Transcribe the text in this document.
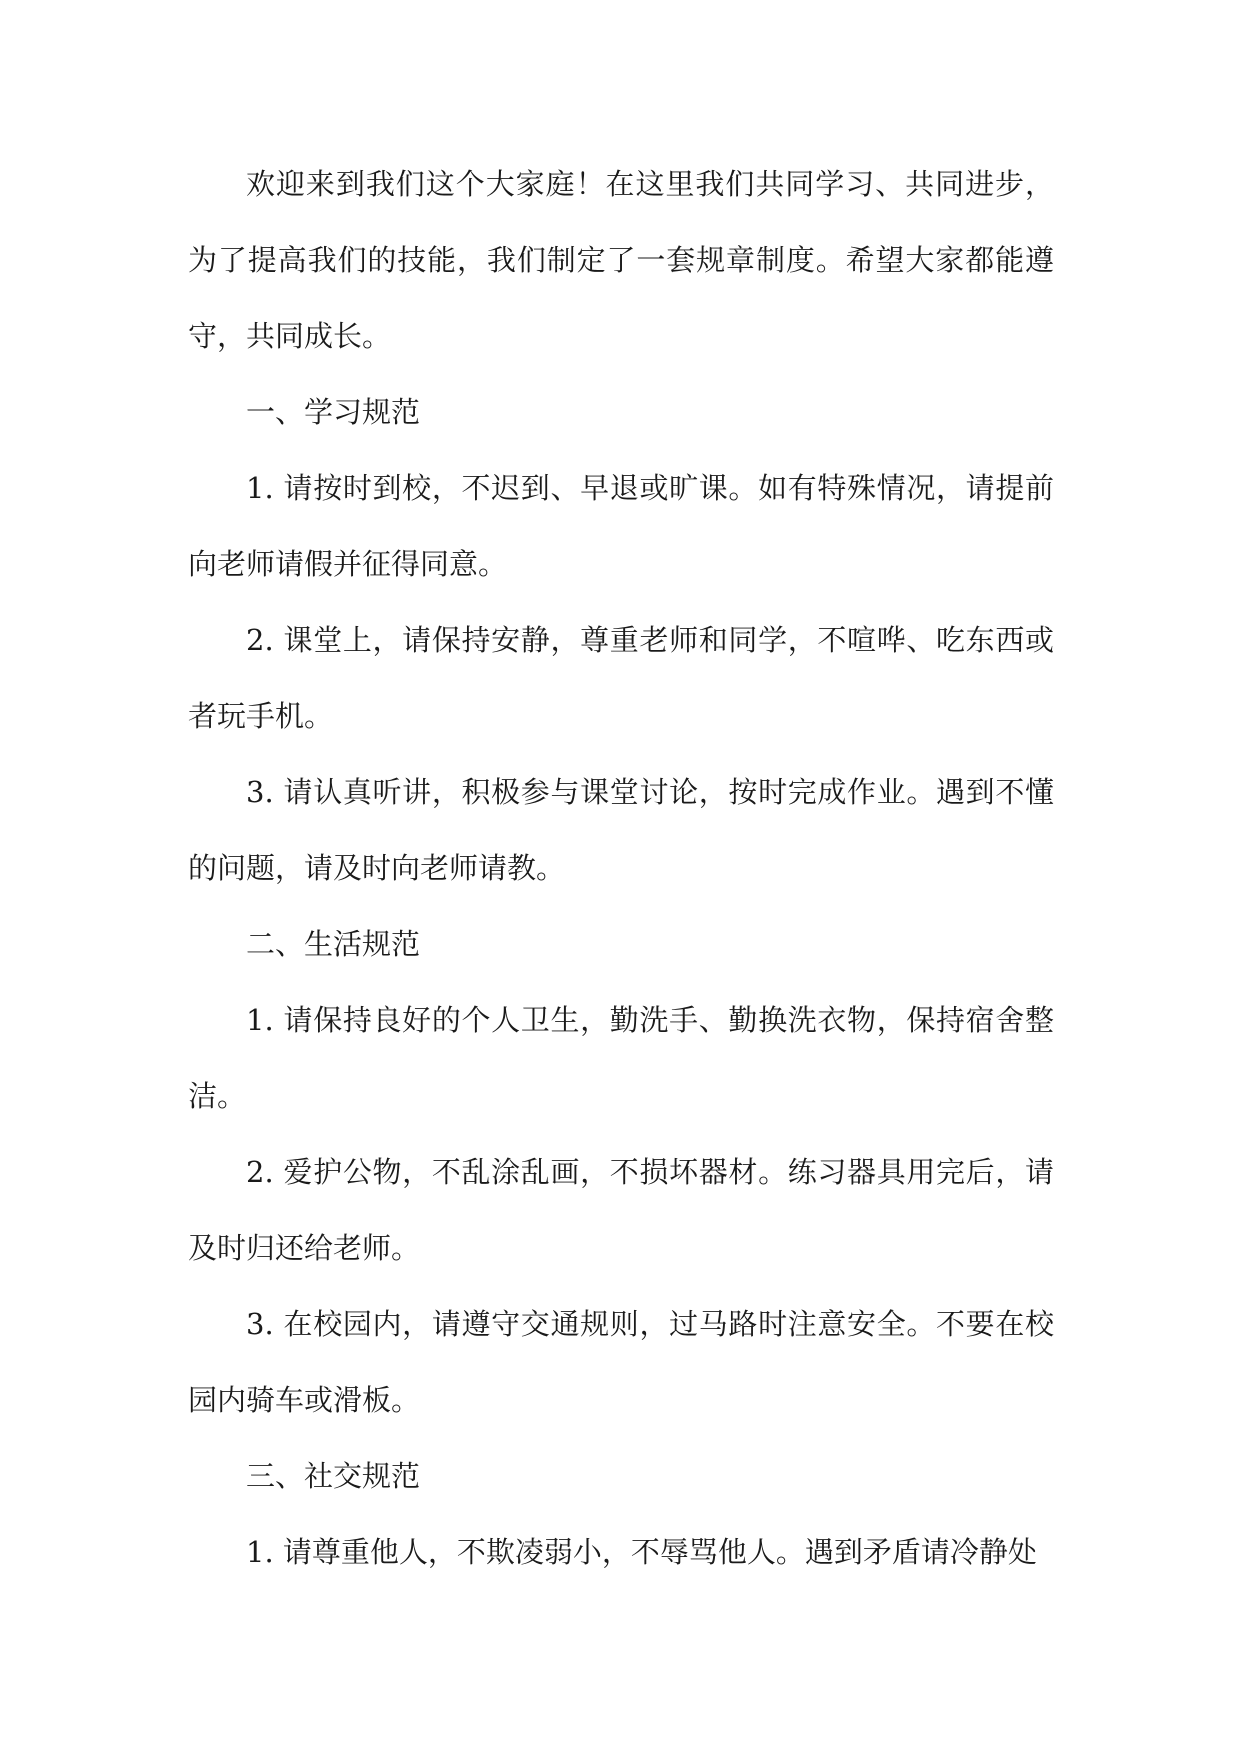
欢迎来到我们这个大家庭！在这里我们共同学习、共同进步，为了提高我们的技能，我们制定了一套规章制度。希望大家都能遵守，共同成长。

一、学习规范

1. 请按时到校，不迟到、早退或旷课。如有特殊情况，请提前向老师请假并征得同意。

2. 课堂上，请保持安静，尊重老师和同学，不喧哗、吃东西或者玩手机。

3. 请认真听讲，积极参与课堂讨论，按时完成作业。遇到不懂的问题，请及时向老师请教。

二、生活规范

1. 请保持良好的个人卫生，勤洗手、勤换洗衣物，保持宿舍整洁。

2. 爱护公物，不乱涂乱画，不损坏器材。练习器具用完后，请及时归还给老师。

3. 在校园内，请遵守交通规则，过马路时注意安全。不要在校园内骑车或滑板。

三、社交规范

1. 请尊重他人，不欺凌弱小，不辱骂他人。遇到矛盾请冷静处
